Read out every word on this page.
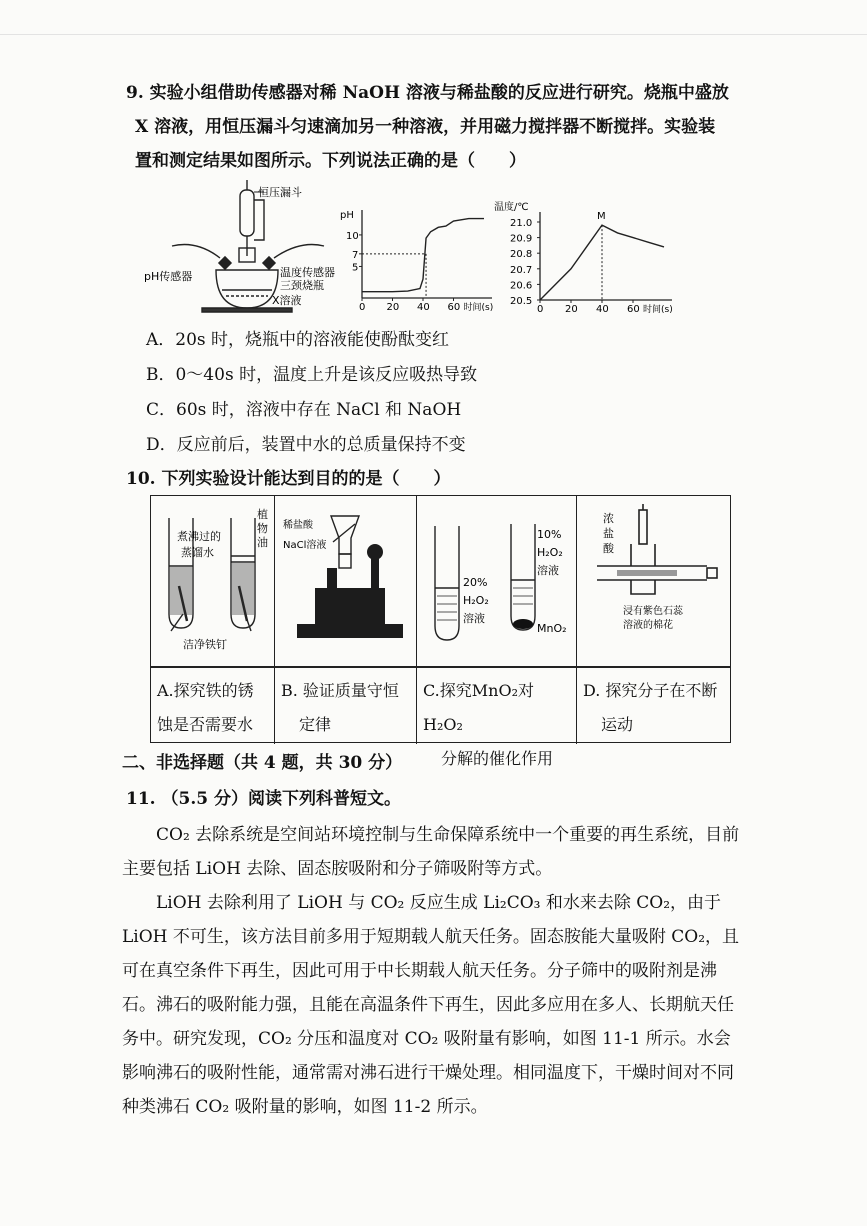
9. 实验小组借助传感器对稀 NaOH 溶液与稀盐酸的反应进行研究。烧瓶中盛放
X 溶液，用恒压漏斗匀速滴加另一种溶液，并用磁力搅拌器不断搅拌。实验装
置和测定结果如图所示。下列说法正确的是（　　）
恒压漏斗
pH传感器	温度传感器
三颈烧瓶
X溶液
pH
时间(s)
0 20 40 60
5
7
10
温度/℃
时间(s)
0 20 40 60
20.5
20.6
20.7
20.8
20.9
21.0
M
A．20s 时，烧瓶中的溶液能使酚酞变红
B．0～40s 时，温度上升是该反应吸热导致
C．60s 时，溶液中存在 NaCl 和 NaOH
D．反应前后，装置中水的总质量保持不变
10. 下列实验设计能达到目的的是（　　）
煮沸过的
蒸馏水
植
物
油
洁净铁钉
稀盐酸
NaCl溶液
20%
H₂O₂
溶液
10%
H₂O₂
溶液
MnO₂
浓
盐
酸
浸有紫色石蕊
溶液的棉花
A.探究铁的锈
蚀是否需要水
B. 验证质量守恒
定律
C.探究MnO₂对H₂O₂
分解的催化作用
D. 探究分子在不断
运动
二、非选择题（共 4 题，共 30 分）
11. （5.5 分）阅读下列科普短文。

CO₂ 去除系统是空间站环境控制与生命保障系统中一个重要的再生系统，目前主要包括 LiOH 去除、固态胺吸附和分子筛吸附等方式。

LiOH 去除利用了 LiOH 与 CO₂ 反应生成 Li₂CO₃ 和水来去除 CO₂，由于 LiOH 不可生，该方法目前多用于短期载人航天任务。固态胺能大量吸附 CO₂，且可在真空条件下再生，因此可用于中长期载人航天任务。分子筛中的吸附剂是沸石。沸石的吸附能力强，且能在高温条件下再生，因此多应用在多人、长期航天任务中。研究发现，CO₂ 分压和温度对 CO₂ 吸附量有影响，如图 11-1 所示。水会影响沸石的吸附性能，通常需对沸石进行干燥处理。相同温度下，干燥时间对不同种类沸石 CO₂ 吸附量的影响，如图 11-2 所示。
